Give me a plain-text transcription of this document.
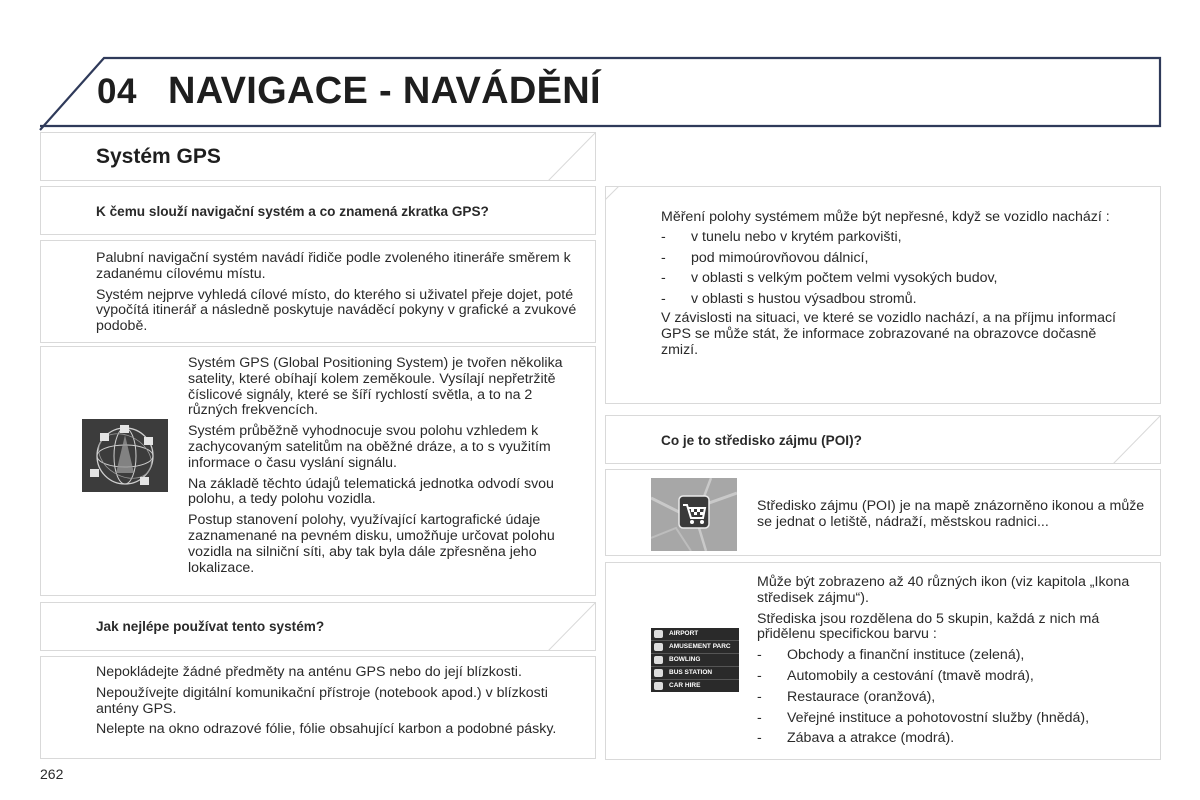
04 NAVIGACE - NAVÁDĚNÍ
Systém GPS
K čemu slouží navigační systém a co znamená zkratka GPS?

Palubní navigační systém navádí řidiče podle zvoleného itineráře směrem k zadanému cílovému místu.

Systém nejprve vyhledá cílové místo, do kterého si uživatel přeje dojet, poté vypočítá itinerář a následně poskytuje naváděcí pokyny v grafické a zvukové podobě.

Systém GPS (Global Positioning System) je tvořen několika satelity, které obíhají kolem zeměkoule. Vysílají nepřetržitě číslicové signály, které se šíří rychlostí světla, a to na 2 různých frekvencích.

Systém průběžně vyhodnocuje svou polohu vzhledem k zachycovaným satelitům na oběžné dráze, a to s využitím informace o času vyslání signálu.

Na základě těchto údajů telematická jednotka odvodí svou polohu, a tedy polohu vozidla.

Postup stanovení polohy, využívající kartografické údaje zaznamenané na pevném disku, umožňuje určovat polohu vozidla na silniční síti, aby tak byla dále zpřesněna jeho lokalizace.

Jak nejlépe používat tento systém?

Nepokládejte žádné předměty na anténu GPS nebo do její blízkosti.

Nepoužívejte digitální komunikační přístroje (notebook apod.) v blízkosti antény GPS.

Nelepte na okno odrazové fólie, fólie obsahující karbon a podobné pásky.

Měření polohy systémem může být nepřesné, když se vozidlo nachází :

- v tunelu nebo v krytém parkovišti,
- pod mimoúrovňovou dálnicí,
- v oblasti s velkým počtem velmi vysokých budov,
- v oblasti s hustou výsadbou stromů.

V závislosti na situaci, ve které se vozidlo nachází, a na příjmu informací GPS se může stát, že informace zobrazované na obrazovce dočasně zmizí.

Co je to středisko zájmu (POI)?

Středisko zájmu (POI) je na mapě znázorněno ikonou a může se jednat o letiště, nádraží, městskou radnici...

AIRPORT
AMUSEMENT PARC
BOWLING
BUS STATION
CAR HIRE

Může být zobrazeno až 40 různých ikon (viz kapitola „Ikona středisek zájmu“).

Střediska jsou rozdělena do 5 skupin, každá z nich má přidělenu specifickou barvu :

- Obchody a finanční instituce (zelená),
- Automobily a cestování (tmavě modrá),
- Restaurace (oranžová),
- Veřejné instituce a pohotovostní služby (hnědá),
- Zábava a atrakce (modrá).
262
